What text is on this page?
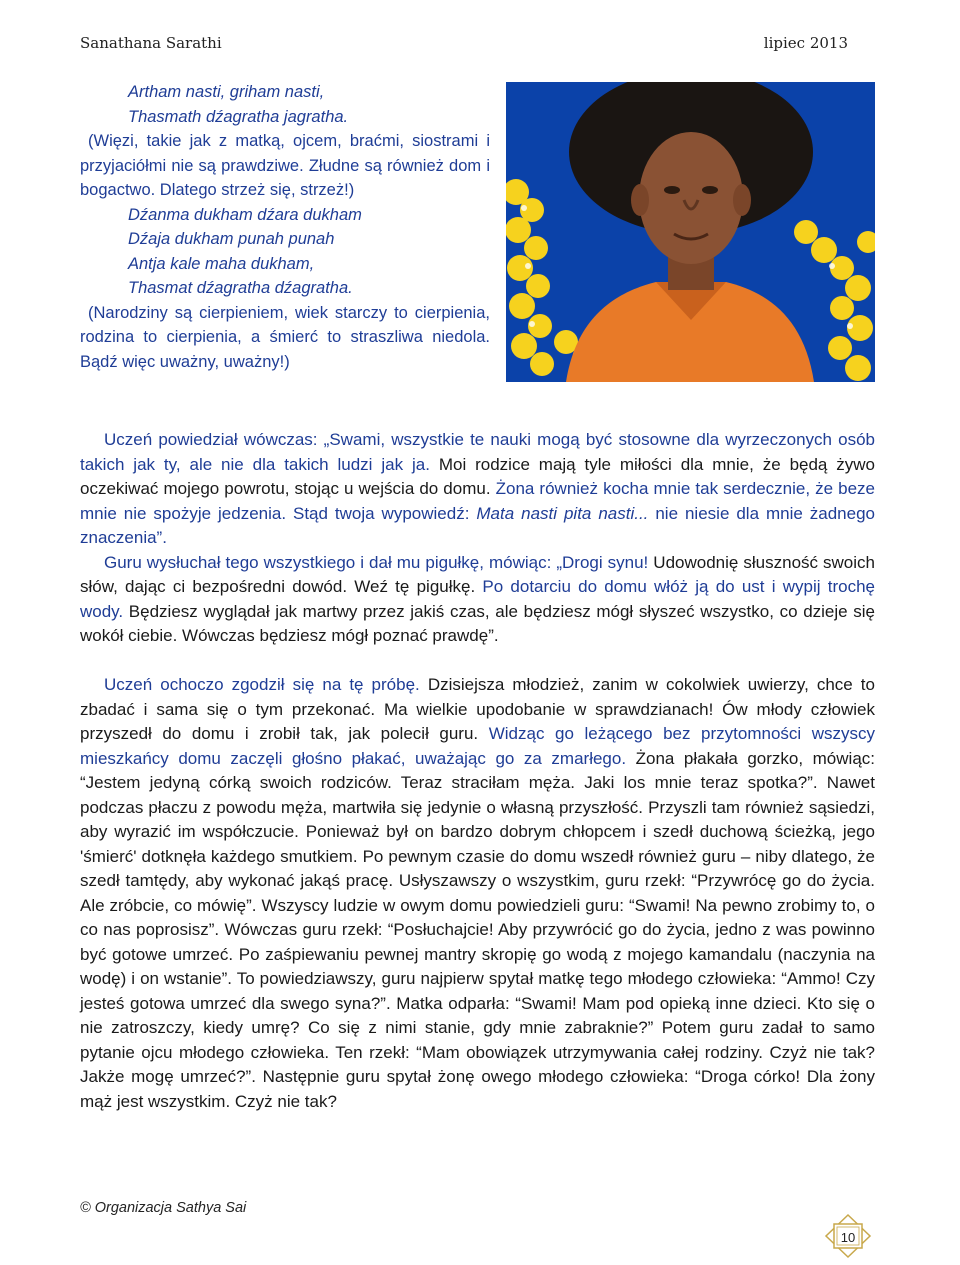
Sanathana Sarathi	lipiec 2013

Artham nasti, griham nasti,

Thasmath dźagratha jagratha.

(Więzi, takie jak z matką, ojcem, braćmi, siostrami i przyjaciółmi nie są prawdziwe. Złudne są również dom i bogactwo. Dlatego strzeż się, strzeż!)

Dźanma dukham dźara dukham

Dźaja dukham punah punah

Antja kale maha dukham,

Thasmat dźagratha dźagratha.

(Narodziny są cierpieniem, wiek starczy to cierpienia, rodzina to cierpienia, a śmierć to straszliwa niedola. Bądź więc uważny, uważny!)

Uczeń powiedział wówczas: „Swami, wszystkie te nauki mogą być stosowne dla wyrzeczonych osób takich jak ty, ale nie dla takich ludzi jak ja. Moi rodzice mają tyle miłości dla mnie, że będą żywo oczekiwać mojego powrotu, stojąc u wejścia do domu. Żona również kocha mnie tak serdecznie, że beze mnie nie spożyje jedzenia. Stąd twoja wypowiedź: Mata nasti pita nasti... nie niesie dla mnie żadnego znaczenia”.

Guru wysłuchał tego wszystkiego i dał mu pigułkę, mówiąc: „Drogi synu! Udowodnię słuszność swoich słów, dając ci bezpośredni dowód. Weź tę pigułkę. Po dotarciu do domu włóż ją do ust i wypij trochę wody. Będziesz wyglądał jak martwy przez jakiś czas, ale będziesz mógł słyszeć wszystko, co dzieje się wokół ciebie. Wówczas będziesz mógł poznać prawdę”.

Uczeń ochoczo zgodził się na tę próbę. Dzisiejsza młodzież, zanim w cokolwiek uwierzy, chce to zbadać i sama się o tym przekonać. Ma wielkie upodobanie w sprawdzianach! Ów młody człowiek przyszedł do domu i zrobił tak, jak polecił guru. Widząc go leżącego bez przytomności wszyscy mieszkańcy domu zaczęli głośno płakać, uważając go za zmarłego. Żona płakała gorzko, mówiąc: “Jestem jedyną córką swoich rodziców. Teraz straciłam męża. Jaki los mnie teraz spotka?”. Nawet podczas płaczu z powodu męża, martwiła się jedynie o własną przyszłość. Przyszli tam również sąsiedzi, aby wyrazić im współczucie. Ponieważ był on bardzo dobrym chłopcem i szedł duchową ścieżką, jego 'śmierć' dotknęła każdego smutkiem. Po pewnym czasie do domu wszedł również guru – niby dlatego, że szedł tamtędy, aby wykonać jakąś pracę. Usłyszawszy o wszystkim, guru rzekł: “Przywrócę go do życia. Ale zróbcie, co mówię”. Wszyscy ludzie w owym domu powiedzieli guru: “Swami! Na pewno zrobimy to, o co nas poprosisz”. Wówczas guru rzekł: “Posłuchajcie! Aby przywrócić go do życia, jedno z was powinno być gotowe umrzeć. Po zaśpiewaniu pewnej mantry skropię go wodą z mojego kamandalu (naczynia na wodę) i on wstanie”. To powiedziawszy, guru najpierw spytał matkę tego młodego człowieka: “Ammo! Czy jesteś gotowa umrzeć dla swego syna?”. Matka odparła: “Swami! Mam pod opieką inne dzieci. Kto się o nie zatroszczy, kiedy umrę? Co się z nimi stanie, gdy mnie zabraknie?” Potem guru zadał to samo pytanie ojcu młodego człowieka. Ten rzekł: “Mam obowiązek utrzymywania całej rodziny. Czyż nie tak? Jakże mogę umrzeć?”. Następnie guru spytał żonę owego młodego człowieka: “Droga córko! Dla żony mąż jest wszystkim. Czyż nie tak?

© Organizacja Sathya Sai
10
